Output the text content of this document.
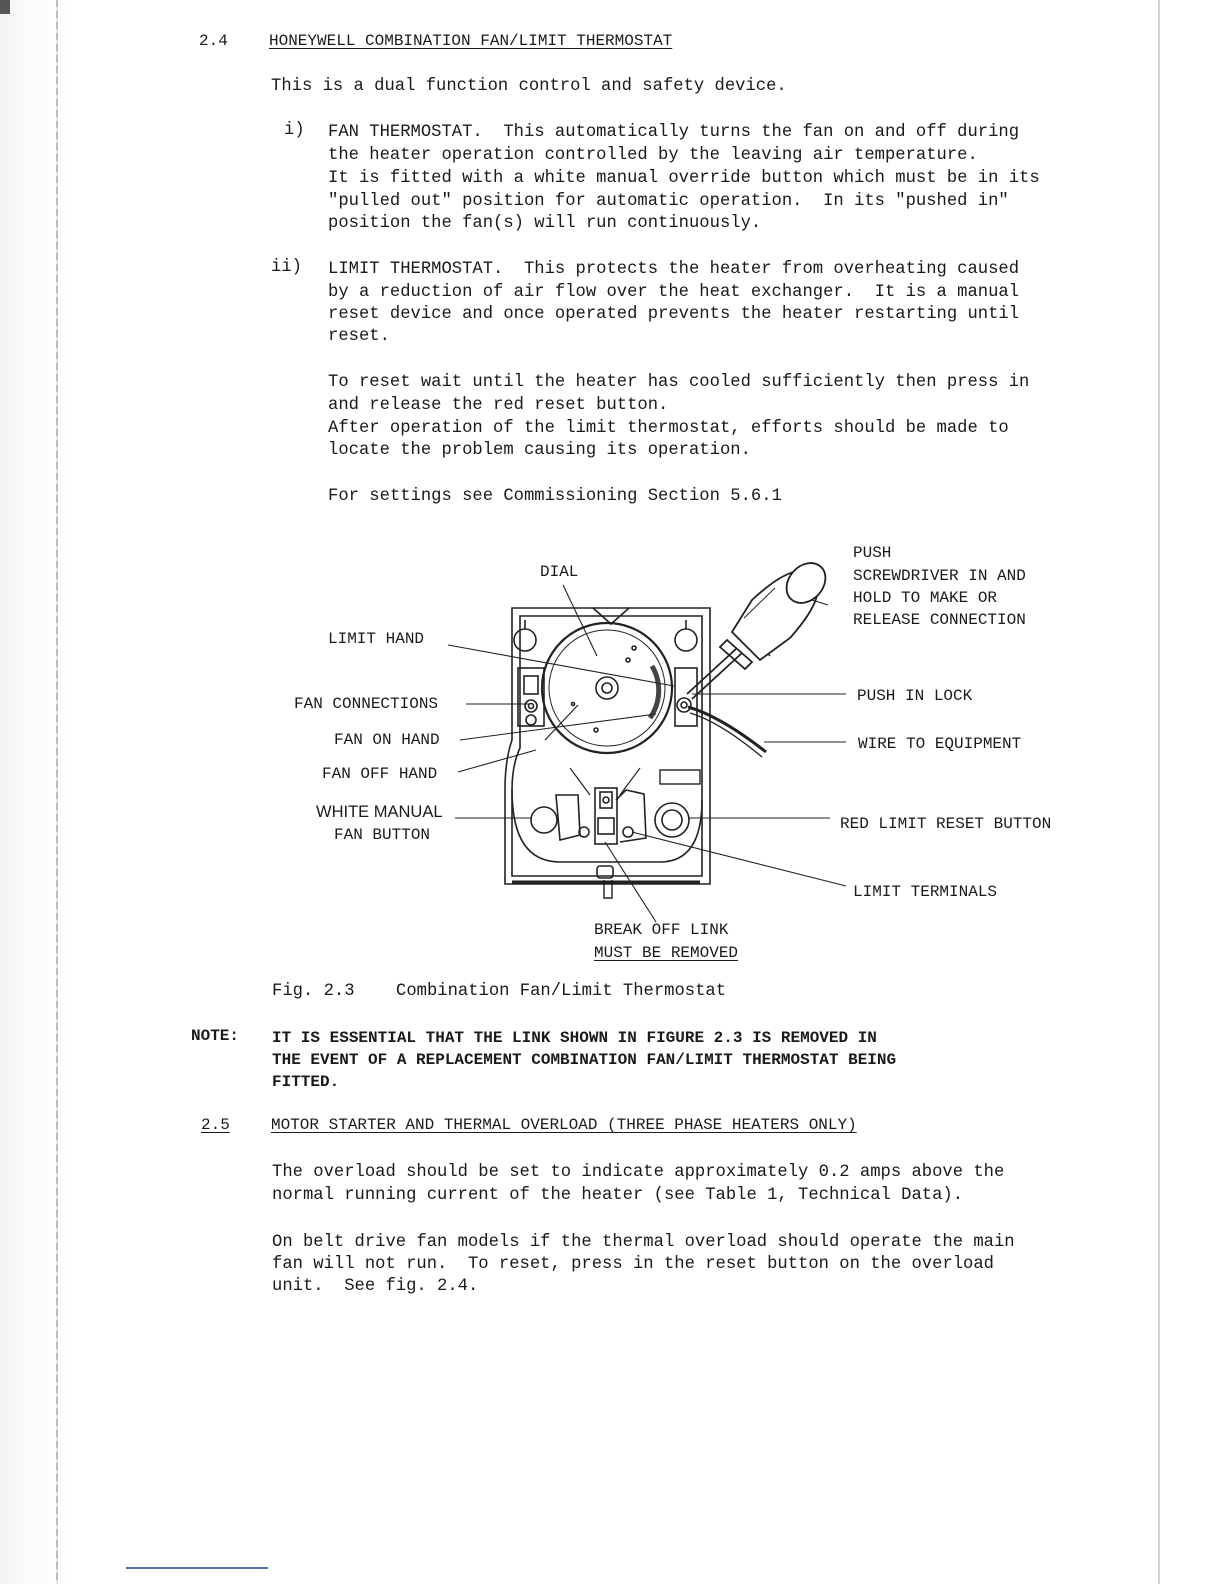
2.4

	HONEYWELL COMBINATION FAN/LIMIT THERMOSTAT

This is a dual function control and safety device.

i) FAN THERMOSTAT.  This automatically turns the fan on and off during

the heater operation controlled by the leaving air temperature.

It is fitted with a white manual override button which must be in its

"pulled out" position for automatic operation.  In its "pushed in"

position the fan(s) will run continuously.

ii) LIMIT THERMOSTAT.  This protects the heater from overheating caused

by a reduction of air flow over the heat exchanger.  It is a manual

reset device and once operated prevents the heater restarting until

reset.

To reset wait until the heater has cooled sufficiently then press in

and release the red reset button.

After operation of the limit thermostat, efforts should be made to

locate the problem causing its operation.

For settings see Commissioning Section 5.6.1

DIAL
PUSH
SCREWDRIVER IN AND
HOLD TO MAKE OR
RELEASE CONNECTION
LIMIT HAND
FAN CONNECTIONS	PUSH IN LOCK
FAN ON HAND	WIRE TO EQUIPMENT
FAN OFF HAND
WHITE MANUAL
FAN BUTTON
RED LIMIT RESET BUTTON
LIMIT TERMINALS
BREAK OFF LINK
MUST BE REMOVED

Fig. 2.3 Combination Fan/Limit Thermostat

NOTE: IT IS ESSENTIAL THAT THE LINK SHOWN IN FIGURE 2.3 IS REMOVED IN

THE EVENT OF A REPLACEMENT COMBINATION FAN/LIMIT THERMOSTAT BEING

FITTED.

2.5

	MOTOR STARTER AND THERMAL OVERLOAD (THREE PHASE HEATERS ONLY)

The overload should be set to indicate approximately 0.2 amps above the

normal running current of the heater (see Table 1, Technical Data).

On belt drive fan models if the thermal overload should operate the main

fan will not run.  To reset, press in the reset button on the overload

unit.  See fig. 2.4.
